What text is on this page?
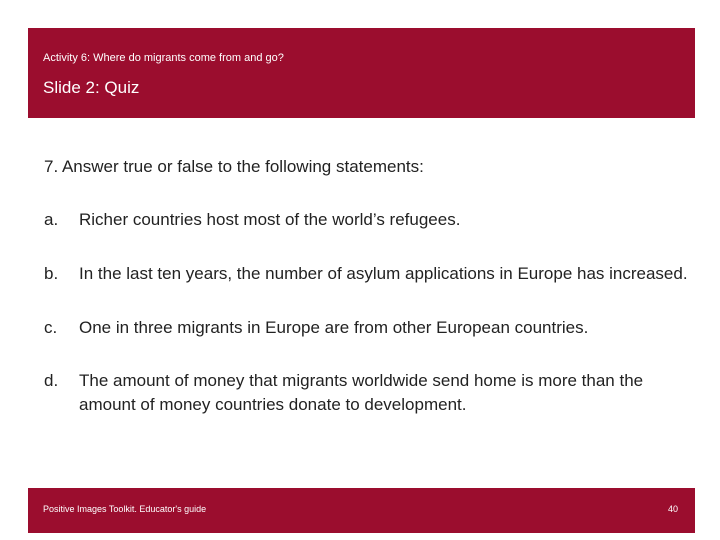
Activity 6: Where do migrants come from and go?
Slide 2: Quiz
7. Answer true or false to the following statements:
a. Richer countries host most of the world’s refugees.
b. In the last ten years, the number of asylum applications in Europe has increased.
c. One in three migrants in Europe are from other European countries.
d. The amount of money that migrants worldwide send home is more than the amount of money countries donate to development.
Positive Images Toolkit. Educator's guide	40
